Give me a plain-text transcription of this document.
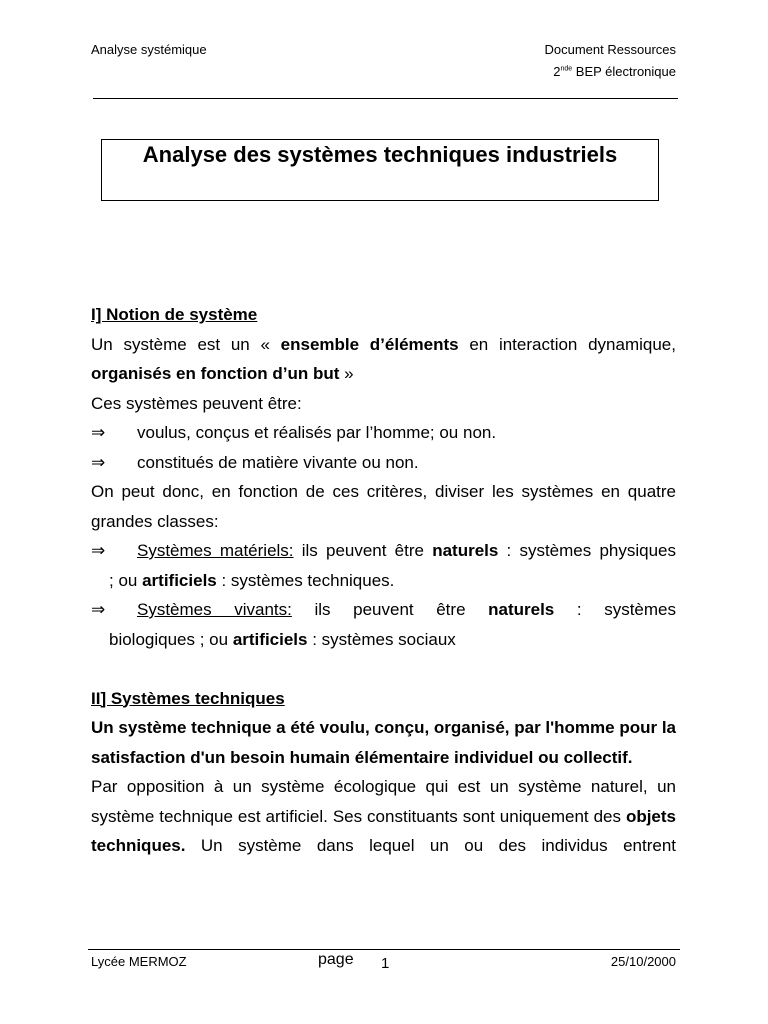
Analyse systémique	Document Ressources
2nde BEP électronique
Analyse des systèmes techniques industriels

I] Notion de système

Un système est un « ensemble d’éléments en interaction dynamique,

organisés en fonction d’un but »

Ces systèmes peuvent être:

⇒	voulus, conçus et réalisés par l’homme; ou non.
⇒	constitués de matière vivante ou non.

On peut donc, en fonction de ces critères, diviser les systèmes en quatre grandes classes:

⇒	Systèmes matériels: ils peuvent être naturels : systèmes physiques

; ou artificiels : systèmes techniques.

⇒	Systèmes vivants: ils peuvent être naturels : systèmes

biologiques ; ou artificiels : systèmes sociaux

II] Systèmes techniques

Un système technique a été voulu, conçu, organisé, par l'homme pour la satisfaction d'un besoin humain élémentaire individuel ou collectif.

Par opposition à un système écologique qui est un système naturel, un système technique est artificiel. Ses constituants sont uniquement des objets techniques. Un système dans lequel un ou des individus entrent

Lycée MERMOZ	page 1	25/10/2000
